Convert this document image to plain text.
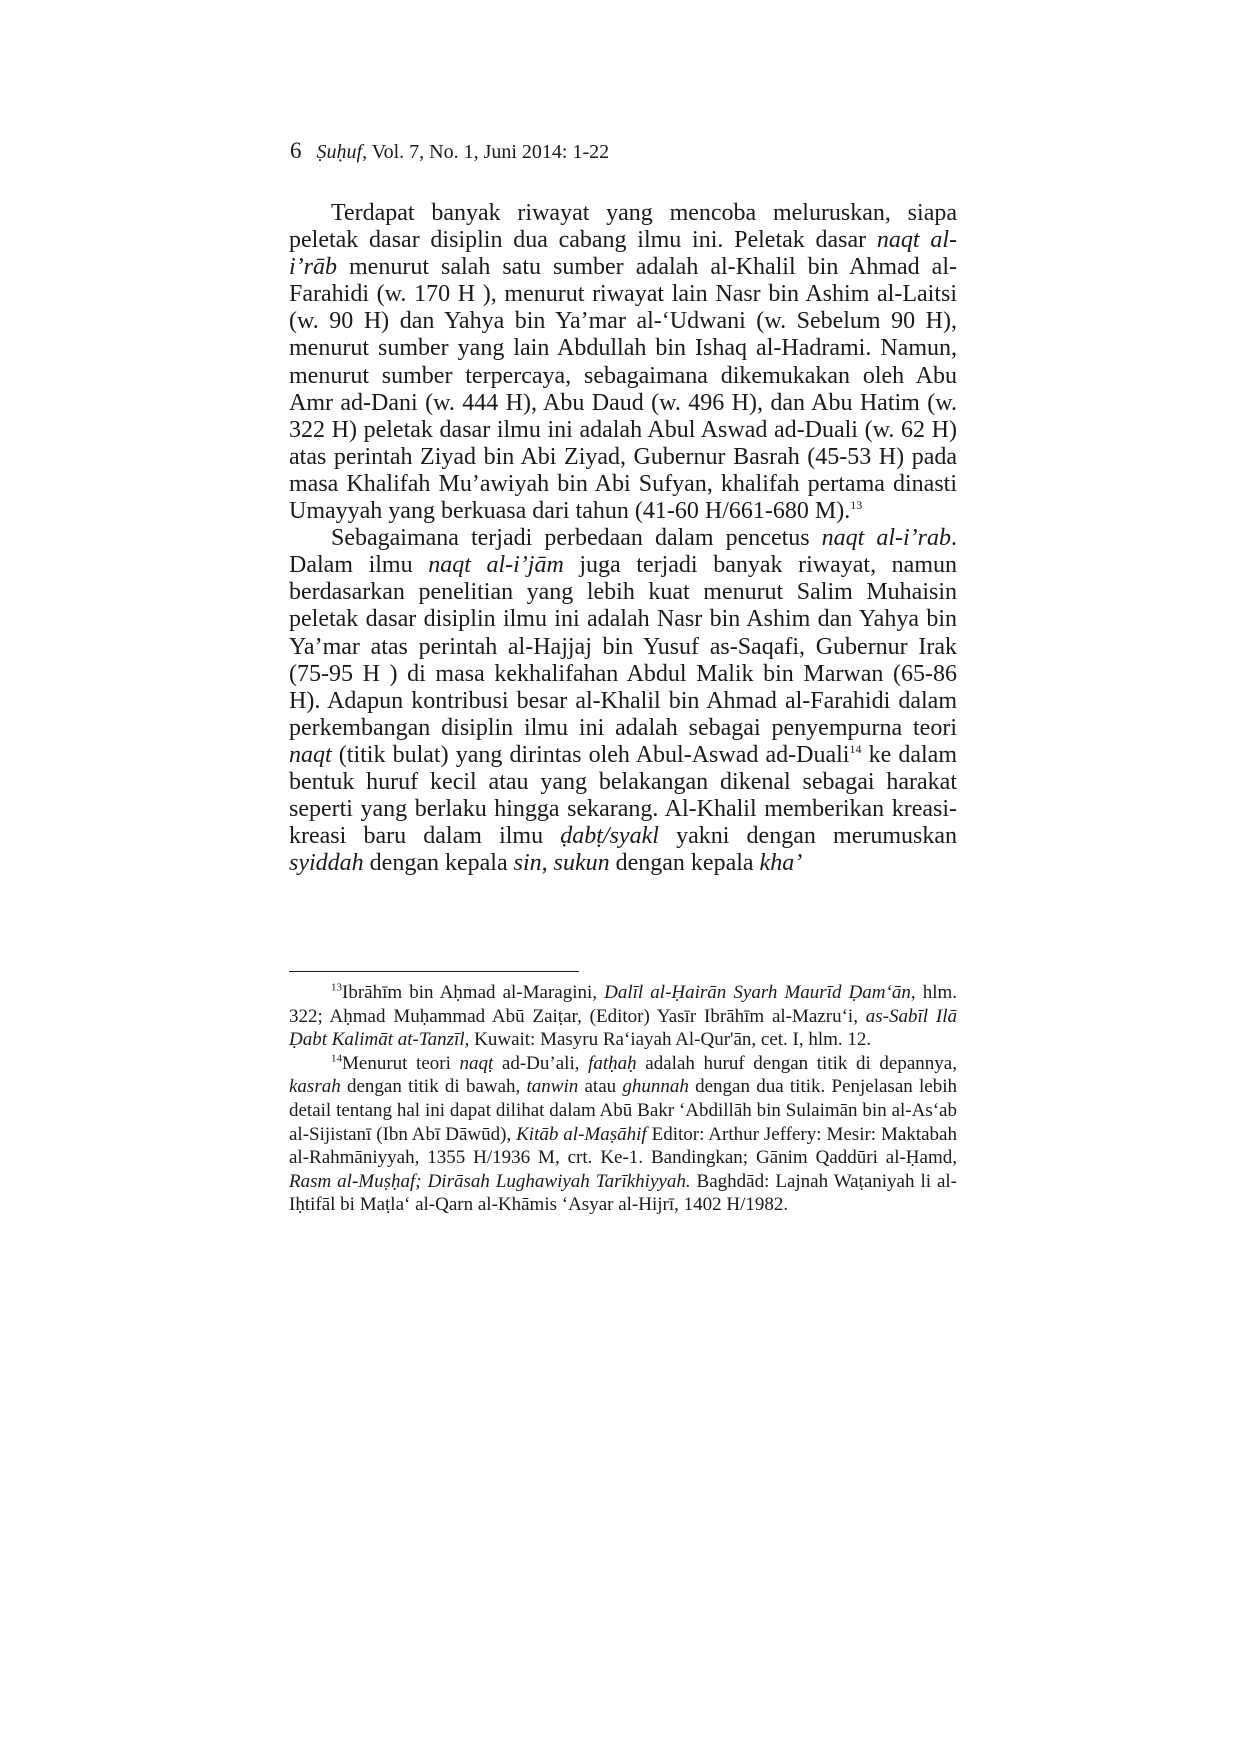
6 Ṣuḥuf, Vol. 7, No. 1, Juni 2014: 1-22

Terdapat banyak riwayat yang mencoba meluruskan, siapa peletak dasar disiplin dua cabang ilmu ini. Peletak dasar naqt al-i’rāb menurut salah satu sumber adalah al-Khalil bin Ahmad al-Farahidi (w. 170 H ), menurut riwayat lain Nasr bin Ashim al-Laitsi (w. 90 H) dan Yahya bin Ya’mar al-‘Udwani (w. Sebelum 90 H), menurut sumber yang lain Abdullah bin Ishaq al-Hadrami. Namun, menurut sumber terpercaya, sebagaimana dikemukakan oleh Abu Amr ad-Dani (w. 444 H), Abu Daud (w. 496 H), dan Abu Hatim (w. 322 H) peletak dasar ilmu ini adalah Abul Aswad ad-Duali (w. 62 H) atas perintah Ziyad bin Abi Ziyad, Gubernur Basrah (45-53 H) pada masa Khalifah Mu’awiyah bin Abi Sufyan, khalifah pertama dinasti Umayyah yang berkuasa dari tahun (41-60 H/661-680 M).$^{13}$

Sebagaimana terjadi perbedaan dalam pencetus naqt al-i’rab. Dalam ilmu naqt al-i’jām juga terjadi banyak riwayat, namun berdasarkan penelitian yang lebih kuat menurut Salim Muhaisin peletak dasar disiplin ilmu ini adalah Nasr bin Ashim dan Yahya bin Ya’mar atas perintah al-Hajjaj bin Yusuf as-Saqafi, Gubernur Irak (75-95 H ) di masa kekhalifahan Abdul Malik bin Marwan (65-86 H). Adapun kontribusi besar al-Khalil bin Ahmad al-Farahidi dalam perkembangan disiplin ilmu ini adalah sebagai penyempurna teori naqt (titik bulat) yang dirintas oleh Abul-Aswad ad-Duali$^{14}$ ke dalam bentuk huruf kecil atau yang belakangan dikenal sebagai harakat seperti yang berlaku hingga sekarang. Al-Khalil memberikan kreasi-kreasi baru dalam ilmu ḍabṭ/syakl yakni dengan merumuskan syiddah dengan kepala sin, sukun dengan kepala kha’

$^{13}$Ibrāhīm bin Aḥmad al-Maragini, Dalīl al-Ḥairān Syarh Maurīd Ḍam‘ān, hlm. 322; Aḥmad Muḥammad Abū Zaiṭar, (Editor) Yasīr Ibrāhīm al-Mazru‘i, as-Sabīl Ilā Ḍabt Kalimāt at-Tanzīl, Kuwait: Masyru Ra‘iayah Al-Qur'ān, cet. I, hlm. 12.

$^{14}$Menurut teori naqṭ ad-Du’ali, fatḥaḥ adalah huruf dengan titik di depannya, kasrah dengan titik di bawah, tanwin atau ghunnah dengan dua titik. Penjelasan lebih detail tentang hal ini dapat dilihat dalam Abū Bakr ‘Abdillāh bin Sulaimān bin al-As‘ab al-Sijistanī (Ibn Abī Dāwūd), Kitāb al-Maṣāhif Editor: Arthur Jeffery: Mesir: Maktabah al-Rahmāniyyah, 1355 H/1936 M, crt. Ke-1. Bandingkan; Gānim Qaddūri al-Ḥamd, Rasm al-Muṣḥaf; Dirāsah Lughawiyah Tarīkhiyyah. Baghdād: Lajnah Waṭaniyah li al-Iḥtifāl bi Maṭla‘ al-Qarn al-Khāmis ‘Asyar al-Hijrī, 1402 H/1982.
